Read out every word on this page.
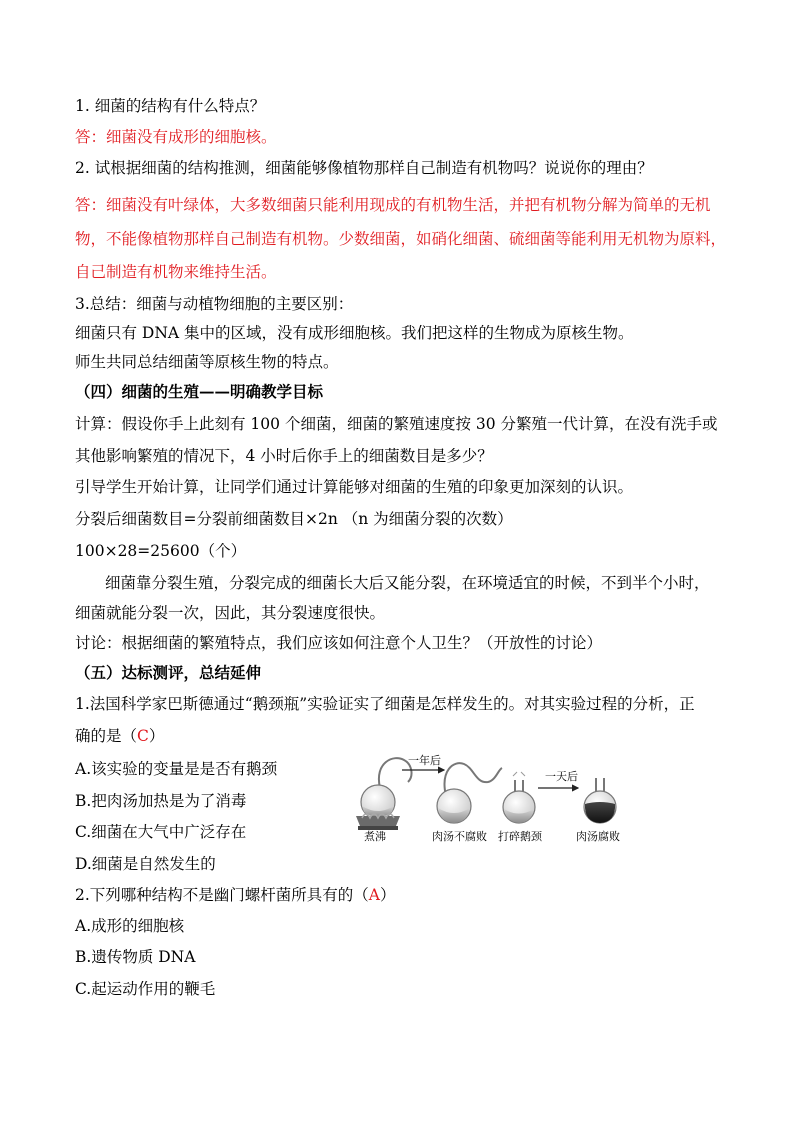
1. 细菌的结构有什么特点？
答：细菌没有成形的细胞核。
2. 试根据细菌的结构推测，细菌能够像植物那样自己制造有机物吗？说说你的理由？
答：细菌没有叶绿体，大多数细菌只能利用现成的有机物生活，并把有机物分解为简单的无机
物，不能像植物那样自己制造有机物。少数细菌，如硝化细菌、硫细菌等能利用无机物为原料，
自己制造有机物来维持生活。
3.总结：细菌与动植物细胞的主要区别：
细菌只有 DNA 集中的区域，没有成形细胞核。我们把这样的生物成为原核生物。
师生共同总结细菌等原核生物的特点。
（四）细菌的生殖——明确教学目标
计算：假设你手上此刻有 100 个细菌，细菌的繁殖速度按 30 分繁殖一代计算，在没有洗手或
其他影响繁殖的情况下，4 小时后你手上的细菌数目是多少？
引导学生开始计算，让同学们通过计算能够对细菌的生殖的印象更加深刻的认识。
分裂后细菌数目=分裂前细菌数目×2n （n 为细菌分裂的次数）
100×28=25600（个）
细菌靠分裂生殖，分裂完成的细菌长大后又能分裂，在环境适宜的时候，不到半个小时，
细菌就能分裂一次，因此，其分裂速度很快。
讨论：根据细菌的繁殖特点，我们应该如何注意个人卫生？（开放性的讨论）
（五）达标测评，总结延伸
1.法国科学家巴斯德通过“鹅颈瓶”实验证实了细菌是怎样发生的。对其实验过程的分析，正
确的是（C）
A.该实验的变量是是否有鹅颈
B.把肉汤加热是为了消毒
C.细菌在大气中广泛存在
D.细菌是自然发生的
2.下列哪种结构不是幽门螺杆菌所具有的（A）
A.成形的细胞核
B.遗传物质 DNA
C.起运动作用的鞭毛
一年后
一天后
煮沸	肉汤不腐败 打碎鹅颈	肉汤腐败
